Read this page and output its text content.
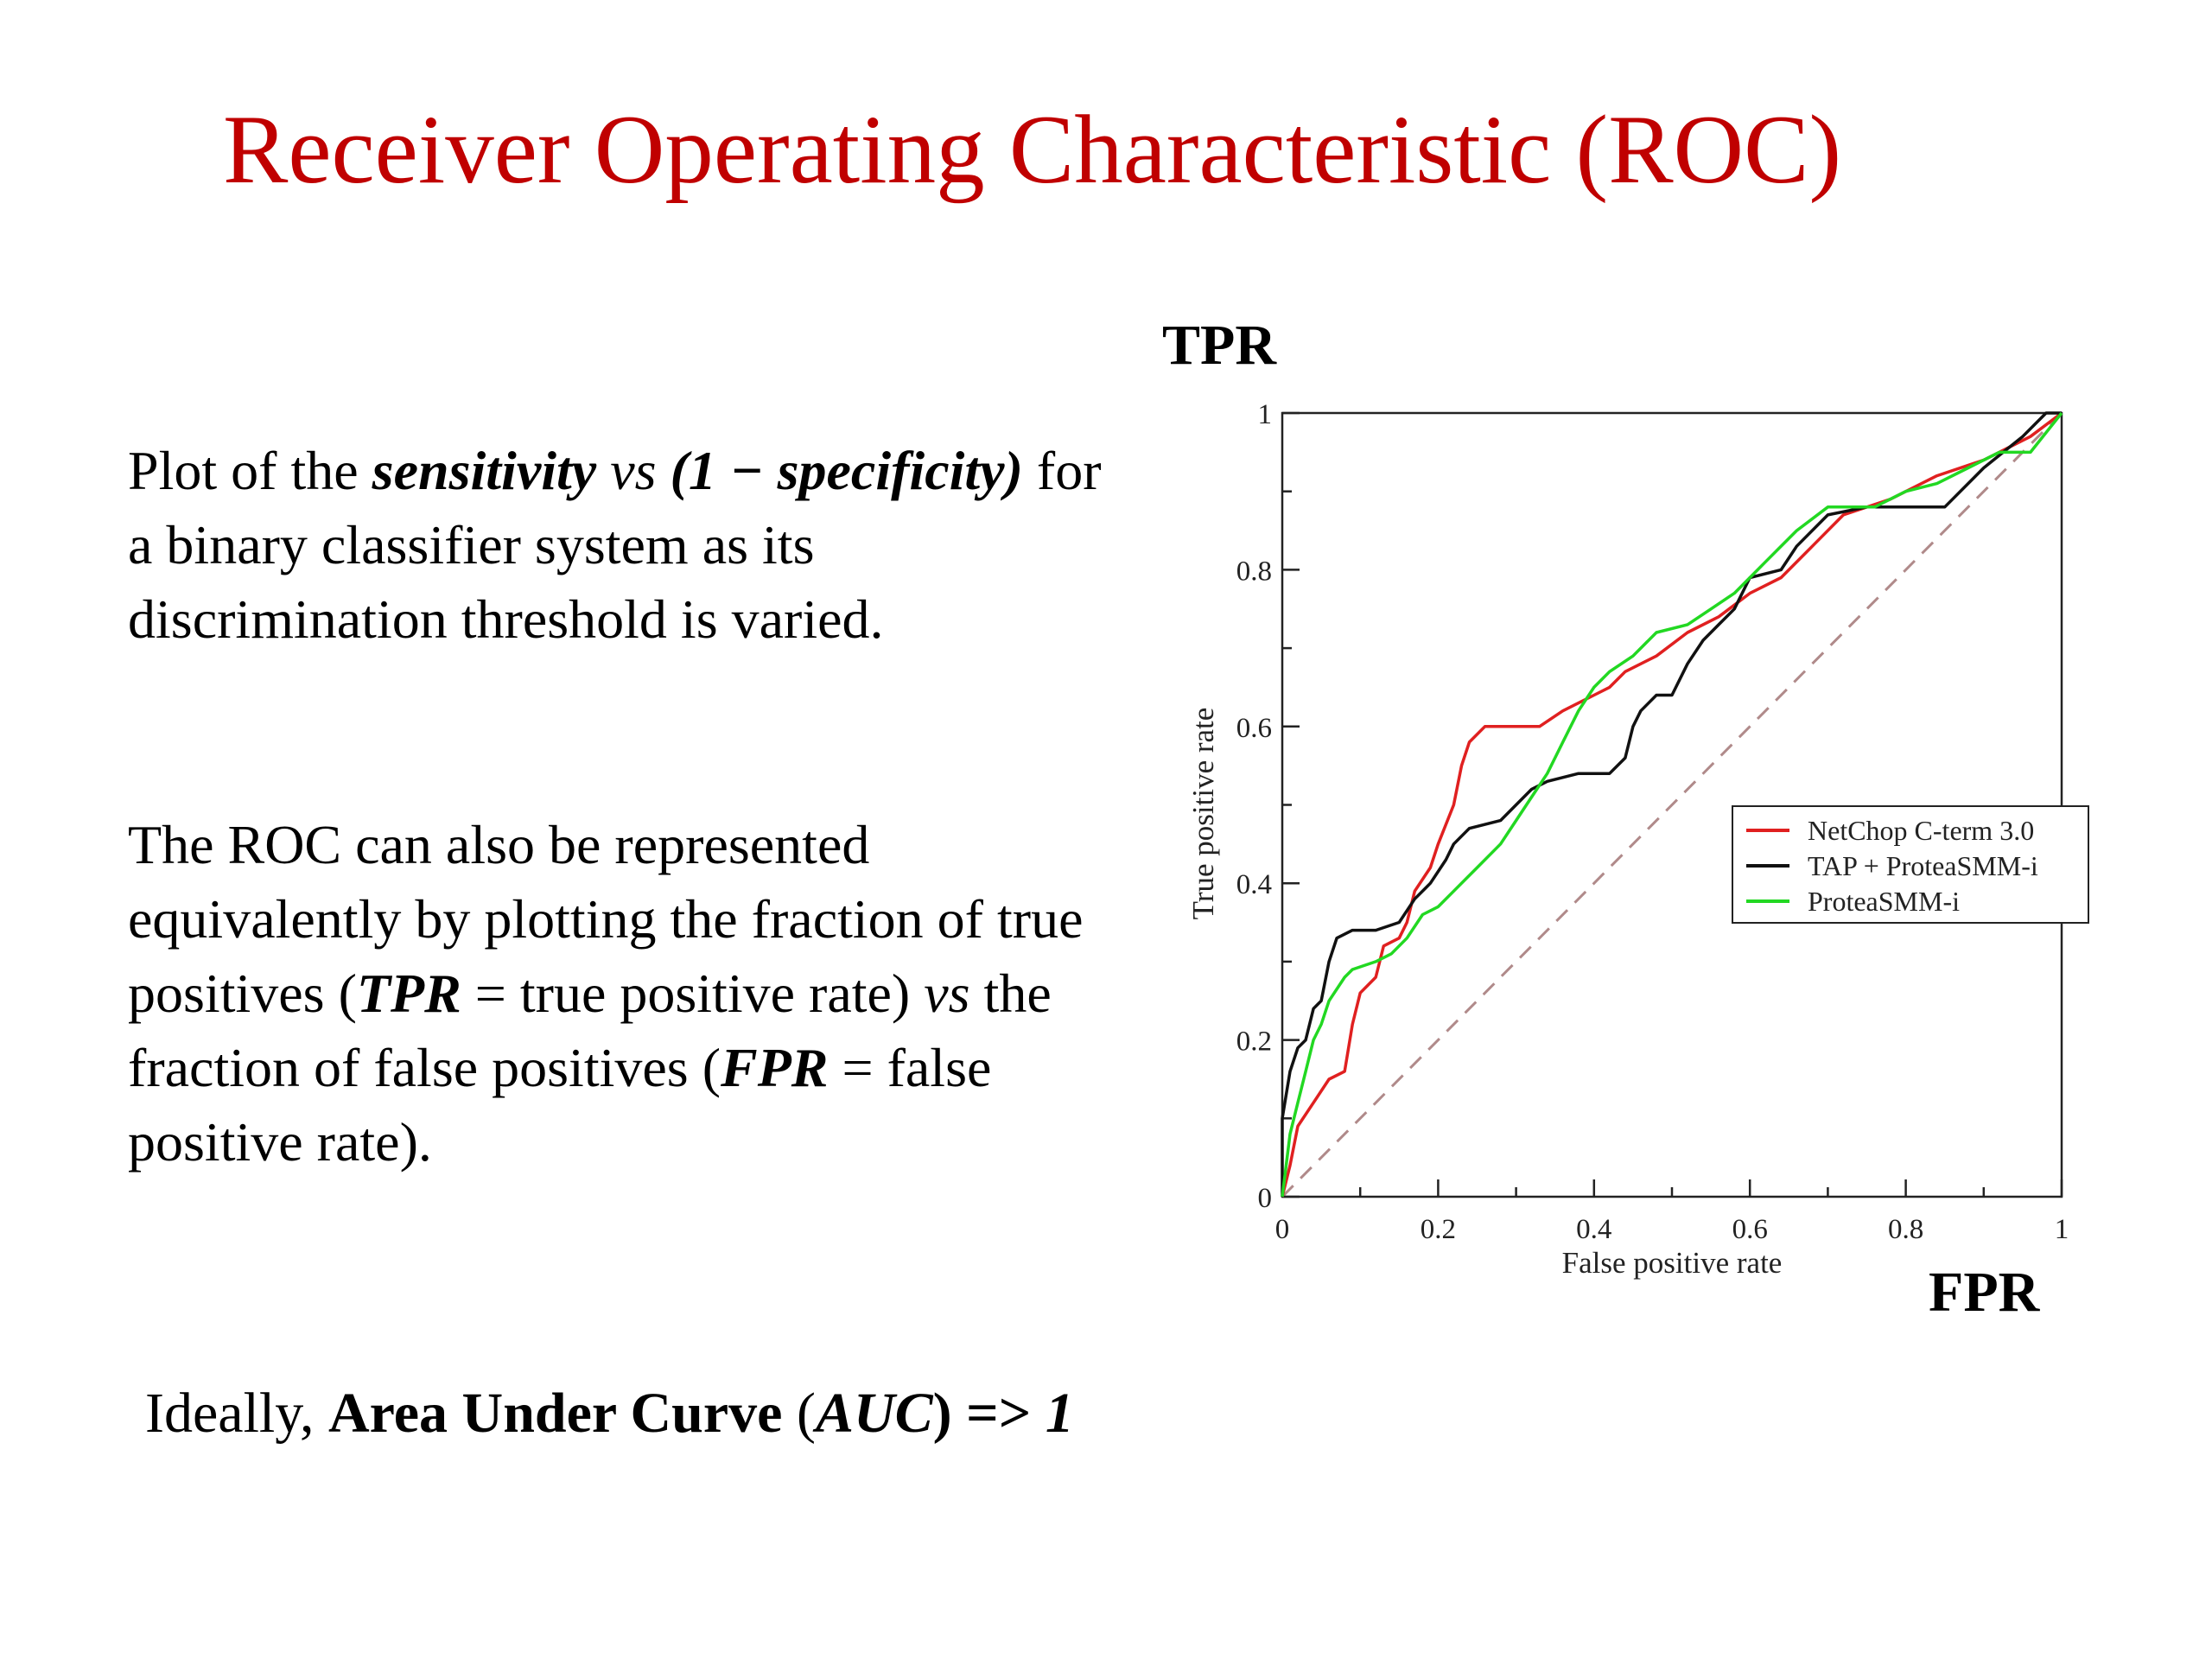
Receiver Operating Characteristic (ROC)
Plot of the sensitivity vs (1 − specificity) for a binary classifier system as its discrimination threshold is varied.
The ROC can also be represented equivalently by plotting the fraction of true positives (TPR = true positive rate) vs the fraction of false positives (FPR = false positive rate).
Ideally, Area Under Curve (AUC) => 1
TPR
FPR
0	0.2	0.4	0.6	0.8	1
0
0.2
0.4
0.6
0.8
1
False positive rate
True positive rate	NetChop C-term 3.0
TAP + ProteaSMM-i
ProteaSMM-i
